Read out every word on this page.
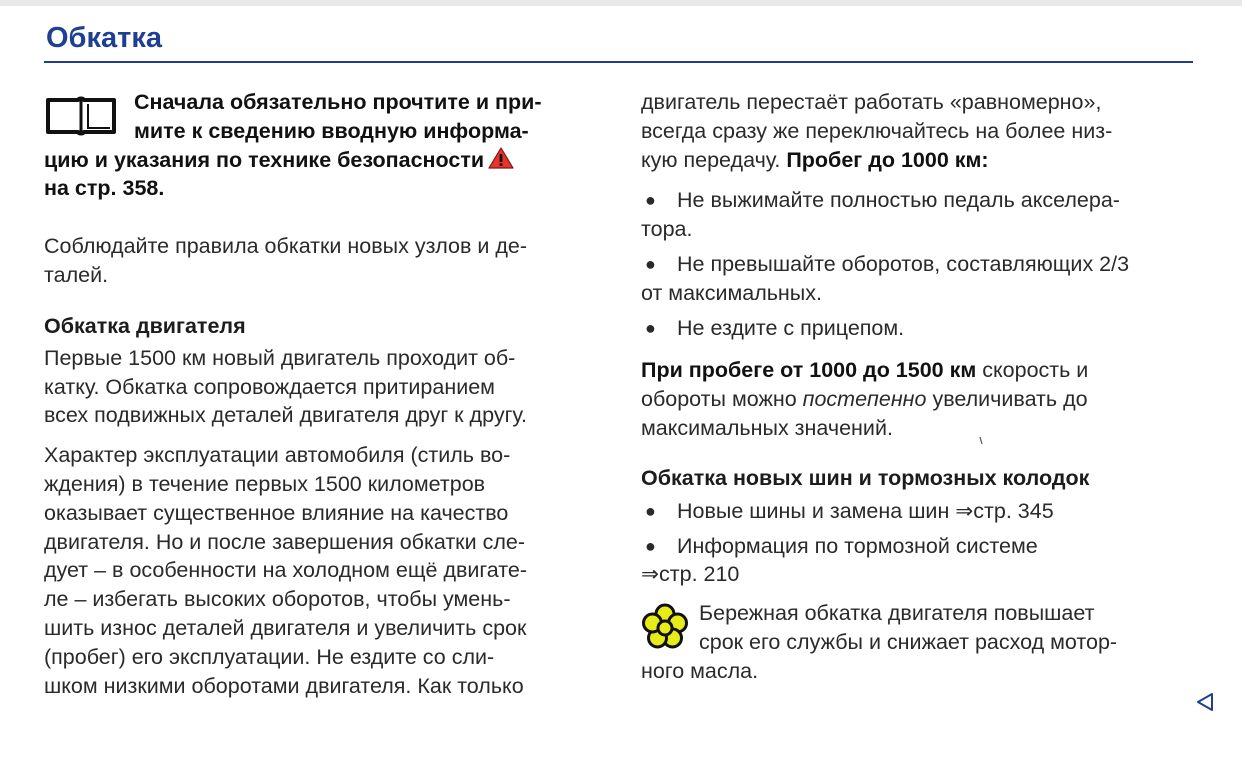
Обкатка
Сначала обязательно прочтите и при-
мите к сведению вводную информа-
цию и указания по технике безопасности
на стр. 358.

Соблюдайте правила обкатки новых узлов и де-
талей.

Обкатка двигателя

Первые 1500 км новый двигатель проходит об-
катку. Обкатка сопровождается притиранием
всех подвижных деталей двигателя друг к другу.

Характер эксплуатации автомобиля (стиль во-
ждения) в течение первых 1500 километров
оказывает существенное влияние на качество
двигателя. Но и после завершения обкатки сле-
дует – в особенности на холодном ещё двигате-
ле – избегать высоких оборотов, чтобы умень-
шить износ деталей двигателя и увеличить срок
(пробег) его эксплуатации. Не ездите со сли-
шком низкими оборотами двигателя. Как только

двигатель перестаёт работать «равномерно»,
всегда сразу же переключайтесь на более низ-
кую передачу. Пробег до 1000 км:

● Не выжимайте полностью педаль акселера-
тора.
● Не превышайте оборотов, составляющих 2/3
от максимальных.
● Не ездите с прицепом.

При пробеге от 1000 до 1500 км скорость и
обороты можно постепенно увеличивать до
максимальных значений.

Обкатка новых шин и тормозных колодок
● Новые шины и замена шин ⇒стр. 345
● Информация по тормозной системе
⇒стр. 210
Бережная обкатка двигателя повышает
срок его службы и снижает расход мотор-

ного масла.
